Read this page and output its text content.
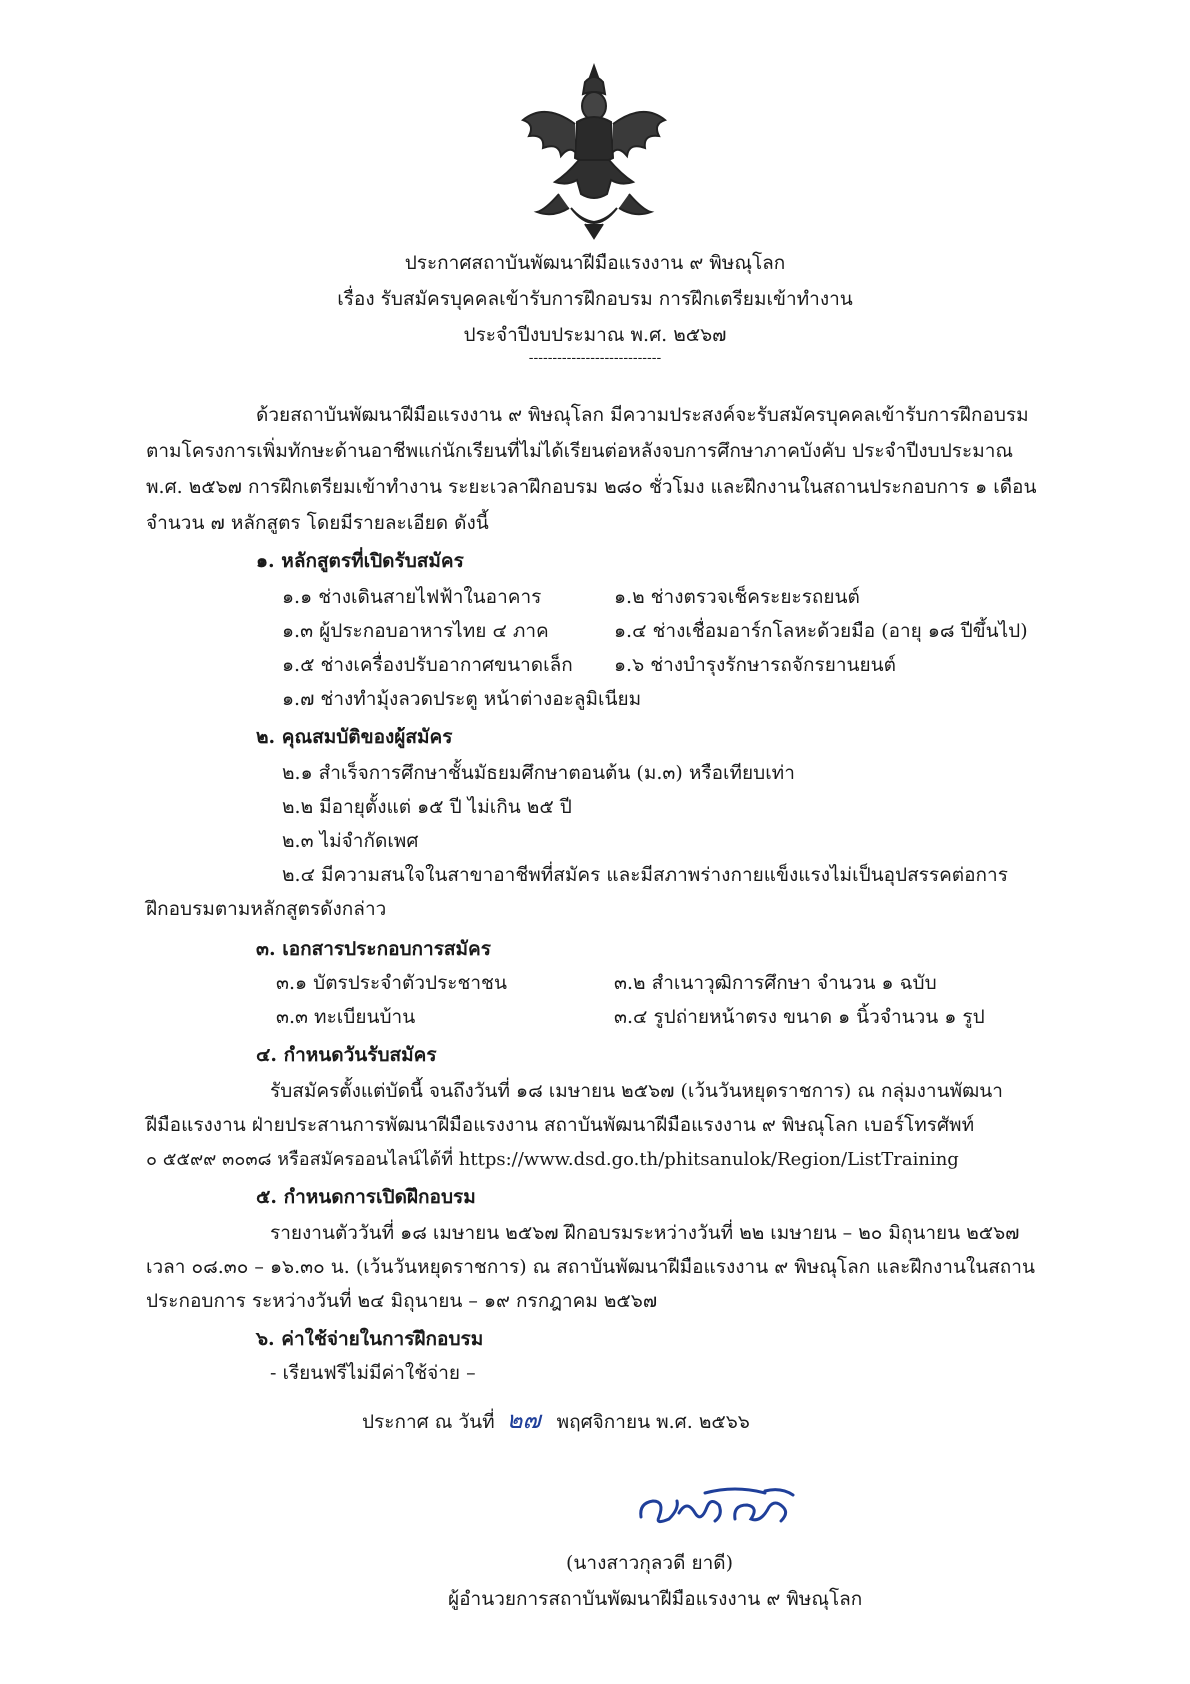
ประกาศสถาบันพัฒนาฝีมือแรงงาน ๙ พิษณุโลก
เรื่อง รับสมัครบุคคลเข้ารับการฝึกอบรม การฝึกเตรียมเข้าทำงาน
ประจำปีงบประมาณ พ.ศ. ๒๕๖๗
----------------------------
ด้วยสถาบันพัฒนาฝีมือแรงงาน ๙ พิษณุโลก มีความประสงค์จะรับสมัครบุคคลเข้ารับการฝึกอบรม
ตามโครงการเพิ่มทักษะด้านอาชีพแก่นักเรียนที่ไม่ได้เรียนต่อหลังจบการศึกษาภาคบังคับ ประจำปีงบประมาณ
พ.ศ. ๒๕๖๗ การฝึกเตรียมเข้าทำงาน ระยะเวลาฝึกอบรม ๒๘๐ ชั่วโมง และฝึกงานในสถานประกอบการ ๑ เดือน
จำนวน ๗ หลักสูตร โดยมีรายละเอียด ดังนี้
๑. หลักสูตรที่เปิดรับสมัคร
๑.๑ ช่างเดินสายไฟฟ้าในอาคาร	๑.๒ ช่างตรวจเช็คระยะรถยนต์
๑.๓ ผู้ประกอบอาหารไทย ๔ ภาค	๑.๔ ช่างเชื่อมอาร์กโลหะด้วยมือ (อายุ ๑๘ ปีขึ้นไป)
๑.๕ ช่างเครื่องปรับอากาศขนาดเล็ก ๑.๖ ช่างบำรุงรักษารถจักรยานยนต์
๑.๗ ช่างทำมุ้งลวดประตู หน้าต่างอะลูมิเนียม
๒. คุณสมบัติของผู้สมัคร
๒.๑ สำเร็จการศึกษาชั้นมัธยมศึกษาตอนต้น (ม.๓) หรือเทียบเท่า
๒.๒ มีอายุตั้งแต่ ๑๕ ปี ไม่เกิน ๒๕ ปี
๒.๓ ไม่จำกัดเพศ
๒.๔ มีความสนใจในสาขาอาชีพที่สมัคร และมีสภาพร่างกายแข็งแรงไม่เป็นอุปสรรคต่อการ
ฝึกอบรมตามหลักสูตรดังกล่าว
๓. เอกสารประกอบการสมัคร
๓.๑ บัตรประจำตัวประชาชน	๓.๒ สำเนาวุฒิการศึกษา จำนวน ๑ ฉบับ
๓.๓ ทะเบียนบ้าน	๓.๔ รูปถ่ายหน้าตรง ขนาด ๑ นิ้วจำนวน ๑ รูป
๔. กำหนดวันรับสมัคร
รับสมัครตั้งแต่บัดนี้ จนถึงวันที่ ๑๘ เมษายน ๒๕๖๗ (เว้นวันหยุดราชการ) ณ กลุ่มงานพัฒนา
ฝีมือแรงงาน ฝ่ายประสานการพัฒนาฝีมือแรงงาน สถาบันพัฒนาฝีมือแรงงาน ๙ พิษณุโลก เบอร์โทรศัพท์
๐ ๕๕๙๙ ๓๐๓๘ หรือสมัครออนไลน์ได้ที่ https://www.dsd.go.th/phitsanulok/Region/ListTraining
๕. กำหนดการเปิดฝึกอบรม
รายงานตัววันที่ ๑๘ เมษายน ๒๕๖๗ ฝึกอบรมระหว่างวันที่ ๒๒ เมษายน – ๒๐ มิถุนายน ๒๕๖๗
เวลา ๐๘.๓๐ – ๑๖.๓๐ น. (เว้นวันหยุดราชการ) ณ สถาบันพัฒนาฝีมือแรงงาน ๙ พิษณุโลก และฝึกงานในสถาน
ประกอบการ ระหว่างวันที่ ๒๔ มิถุนายน – ๑๙ กรกฎาคม ๒๕๖๗
๖. ค่าใช้จ่ายในการฝึกอบรม
- เรียนฟรีไม่มีค่าใช้จ่าย –
ประกาศ ณ วันที่ ๒๗ พฤศจิกายน พ.ศ. ๒๕๖๖
(นางสาวกุลวดี ยาดี)
ผู้อำนวยการสถาบันพัฒนาฝีมือแรงงาน ๙ พิษณุโลก
